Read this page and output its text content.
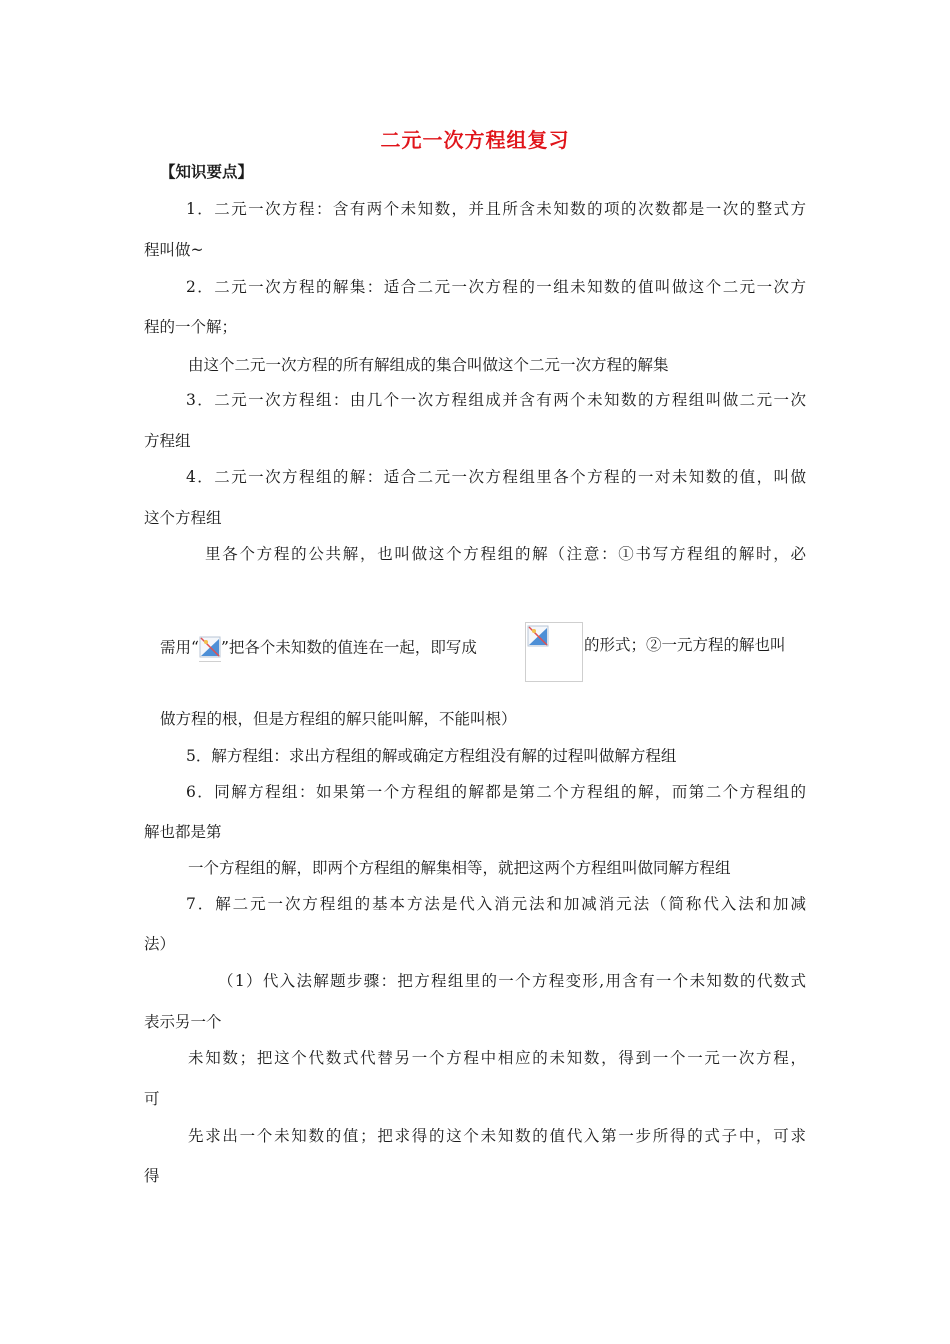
二元一次方程组复习
【知识要点】
1．二元一次方程：含有两个未知数，并且所含未知数的项的次数都是一次的整式方
程叫做~
2．二元一次方程的解集：适合二元一次方程的一组未知数的值叫做这个二元一次方
程的一个解；
由这个二元一次方程的所有解组成的集合叫做这个二元一次方程的解集
3．二元一次方程组：由几个一次方程组成并含有两个未知数的方程组叫做二元一次
方程组
4．二元一次方程组的解：适合二元一次方程组里各个方程的一对未知数的值，叫做
这个方程组
里各个方程的公共解，也叫做这个方程组的解（注意：①书写方程组的解时，必
需用“ ”把各个未知数的值连在一起，即写成	的形式；②一元方程的解也叫
做方程的根，但是方程组的解只能叫解，不能叫根）
5．解方程组：求出方程组的解或确定方程组没有解的过程叫做解方程组
6．同解方程组：如果第一个方程组的解都是第二个方程组的解，而第二个方程组的
解也都是第
一个方程组的解，即两个方程组的解集相等，就把这两个方程组叫做同解方程组
7．解二元一次方程组的基本方法是代入消元法和加减消元法（简称代入法和加减
法）
（1）代入法解题步骤：把方程组里的一个方程变形,用含有一个未知数的代数式
表示另一个
未知数；把这个代数式代替另一个方程中相应的未知数，得到一个一元一次方程，
可
先求出一个未知数的值；把求得的这个未知数的值代入第一步所得的式子中，可求
得
